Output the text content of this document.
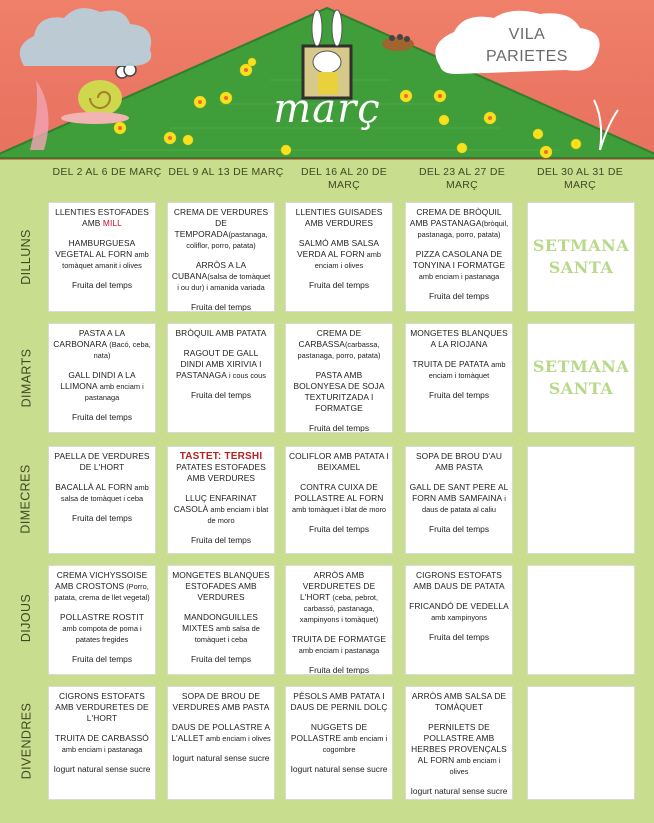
VILA
PARIETES
març
DEL 2 AL 6 DE MARÇ DEL 9 AL 13 DE MARÇ	DEL 16 AL 20 DE MARÇ
DEL 23 AL 27 DE MARÇ
DEL 30 AL 31 DE MARÇ
DILLUNS
DIMARTS
DIMECRES
DIJOUS
DIVENDRES
LLENTIES ESTOFADES AMB MILL
HAMBURGUESA VEGETAL AL FORN amb tomàquet amanit i olives
Fruita del temps
CREMA DE VERDURES DE TEMPORADA(pastanaga, coliflor, porro, patata)
ARRÒS A LA CUBANA(salsa de tomàquet i ou dur) i amanida variada
Fruita del temps
LLENTIES GUISADES AMB VERDURES
SALMÓ AMB SALSA VERDA AL FORN amb enciam i olives
Fruita del temps
CREMA DE BRÒQUIL AMB PASTANAGA(bròquil, pastanaga, porro, patata)
PIZZA CASOLANA DE TONYINA I FORMATGE amb enciam i pastanaga
Fruita del temps
PASTA A LA CARBONARA (Bacó, ceba, nata)
GALL DINDI A LA LLIMONA amb enciam i pastanaga
Fruita del temps
BRÒQUIL AMB PATATA
RAGOUT DE GALL DINDI AMB XIRIVIA I PASTANAGA i cous cous
Fruita del temps
CREMA DE CARBASSA(carbassa, pastanaga, porro, patata)
PASTA AMB BOLONYESA DE SOJA TEXTURITZADA I FORMATGE
Fruita del temps
MONGETES BLANQUES A LA RIOJANA
TRUITA DE PATATA amb enciam i tomàquet
Fruita del temps
PAELLA DE VERDURES DE L'HORT
BACALLÀ AL FORN amb salsa de tomàquet i ceba
Fruita del temps
TASTET: TERSHI
PATATES ESTOFADES AMB VERDURES
LLUÇ ENFARINAT CASOLÀ amb enciam i blat de moro
Fruita del temps
COLIFLOR AMB PATATA I BEIXAMEL
CONTRA CUIXA DE POLLASTRE AL FORN amb tomàquet i blat de moro
Fruita del temps
SOPA DE BROU D'AU AMB PASTA
GALL DE SANT PERE AL FORN AMB SAMFAINA i daus de patata al caliu
Fruita del temps
CREMA VICHYSSOISE AMB CROSTONS (Porro, patata, crema de llet vegetal)
POLLASTRE ROSTIT amb compota de poma i patates fregides
Fruita del temps
MONGETES BLANQUES ESTOFADES AMB VERDURES
MANDONGUILLES MIXTES amb salsa de tomàquet i ceba
Fruita del temps
ARRÒS AMB VERDURETES DE L'HORT (ceba, pebrot, carbassó, pastanaga, xampinyons i tomàquet)
TRUITA DE FORMATGE amb enciam i pastanaga
Fruita del temps
CIGRONS ESTOFATS AMB DAUS DE PATATA
FRICANDÓ DE VEDELLA amb xampinyons
Fruita del temps
CIGRONS ESTOFATS AMB VERDURETES DE L'HORT
TRUITA DE CARBASSÓ amb enciam i pastanaga
Iogurt natural sense sucre
SOPA DE BROU DE VERDURES AMB PASTA
DAUS DE POLLASTRE A L'ALLET amb enciam i olives
Iogurt natural sense sucre
PÈSOLS AMB PATATA I DAUS DE PERNIL DOLÇ
NUGGETS DE POLLASTRE amb enciam i cogombre
Iogurt natural sense sucre
ARRÒS AMB SALSA DE TOMÀQUET
PERNILETS DE POLLASTRE AMB HERBES PROVENÇALS AL FORN amb enciam i olives
Iogurt natural sense sucre
SETMANA SANTA
SETMANA SANTA
